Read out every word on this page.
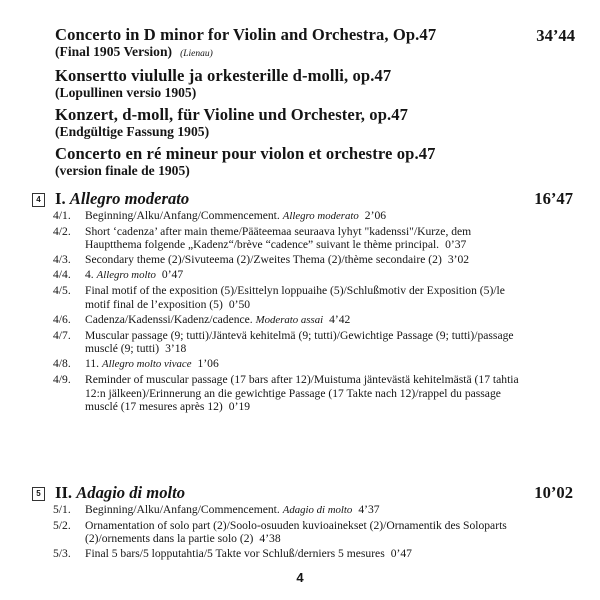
34’44
Concerto in D minor for Violin and Orchestra, Op.47
(Final 1905 Version) (Lienau)
Konsertto viululle ja orkesterille d-molli, op.47
(Lopullinen versio 1905)
Konzert, d-moll, für Violine und Orchester, op.47
(Endgültige Fassung 1905)
Concerto en ré mineur pour violon et orchestre op.47
(version finale de 1905)
4 I. Allegro moderato	16’47
4/1. Beginning/Alku/Anfang/Commencement. Allegro moderato 2’06
4/2. Short ‘cadenza’ after main theme/Pääteemaa seuraava lyhyt "kadenssi"/Kurze, dem Hauptthema folgende „Kadenz“/brève “cadence” suivant le thème principal. 0’37
4/3. Secondary theme (2)/Sivuteema (2)/Zweites Thema (2)/thème secondaire (2) 3’02
4/4. 4. Allegro molto 0’47
4/5. Final motif of the exposition (5)/Esittelyn loppuaihe (5)/Schlußmotiv der Exposition (5)/le motif final de l’exposition (5) 0’50
4/6. Cadenza/Kadenssi/Kadenz/cadence. Moderato assai 4’42
4/7. Muscular passage (9; tutti)/Jäntevä kehitelmä (9; tutti)/Gewichtige Passage (9; tutti)/passage musclé (9; tutti) 3’18
4/8. 11. Allegro molto vivace 1’06
4/9. Reminder of muscular passage (17 bars after 12)/Muistuma jäntevästä kehitelmästä (17 tahtia 12:n jälkeen)/Erinnerung an die gewichtige Passage (17 Takte nach 12)/rappel du passage musclé (17 mesures après 12) 0’19
5 II. Adagio di molto	10’02
5/1. Beginning/Alku/Anfang/Commencement. Adagio di molto 4’37
5/2. Ornamentation of solo part (2)/Soolo-osuuden kuvioainekset (2)/Ornamentik des Soloparts (2)/ornements dans la partie solo (2) 4’38
5/3. Final 5 bars/5 lopputahtia/5 Takte vor Schluß/derniers 5 mesures 0’47
4
